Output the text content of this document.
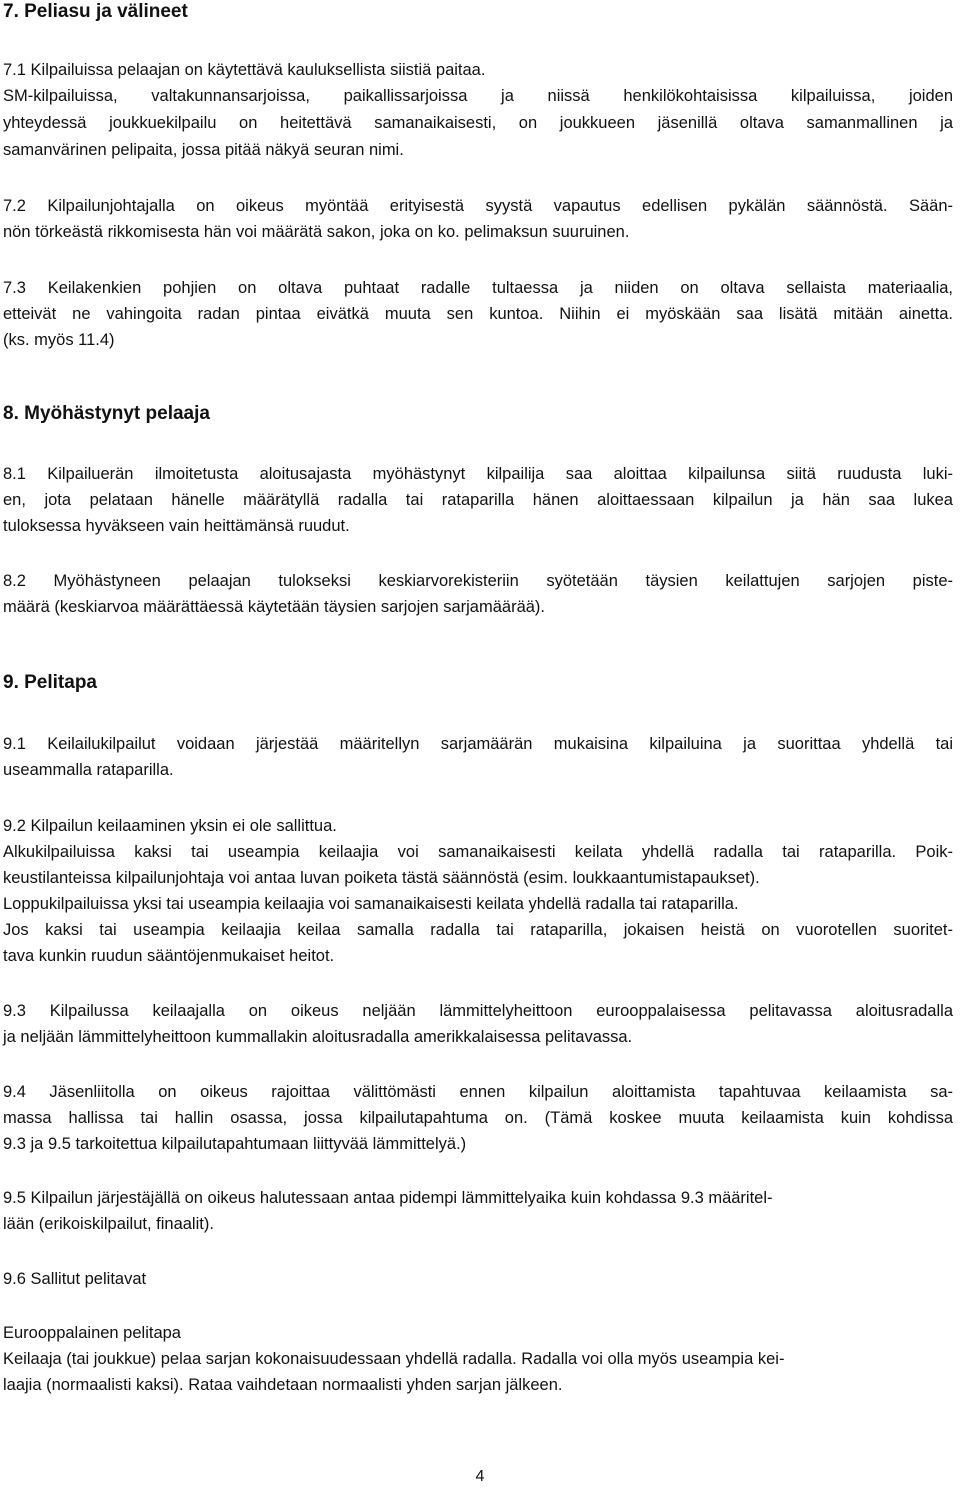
7. Peliasu ja välineet
7.1 Kilpailuissa pelaajan on käytettävä kauluksellista siistiä paitaa.
SM-kilpailuissa, valtakunnansarjoissa, paikallissarjoissa ja niissä henkilökohtaisissa kilpailuissa, joiden
yhteydessä joukkuekilpailu on heitettävä samanaikaisesti, on joukkueen jäsenillä oltava samanmallinen ja
samanvärinen pelipaita, jossa pitää näkyä seuran nimi.
7.2 Kilpailunjohtajalla on oikeus myöntää erityisestä syystä vapautus edellisen pykälän säännöstä. Sään-
nön törkeästä rikkomisesta hän voi määrätä sakon, joka on ko. pelimaksun suuruinen.
7.3 Keilakenkien pohjien on oltava puhtaat radalle tultaessa ja niiden on oltava sellaista materiaalia,
etteivät ne vahingoita radan pintaa eivätkä muuta sen kuntoa. Niihin ei myöskään saa lisätä mitään ainetta.
(ks. myös 11.4)
8. Myöhästynyt pelaaja
8.1 Kilpailuerän ilmoitetusta aloitusajasta myöhästynyt kilpailija saa aloittaa kilpailunsa siitä ruudusta luki-
en, jota pelataan hänelle määrätyllä radalla tai rataparilla hänen aloittaessaan kilpailun ja hän saa lukea
tuloksessa hyväkseen vain heittämänsä ruudut.
8.2 Myöhästyneen pelaajan tulokseksi keskiarvorekisteriin syötetään täysien keilattujen sarjojen piste-
määrä (keskiarvoa määrättäessä käytetään täysien sarjojen sarjamäärää).
9. Pelitapa
9.1 Keilailukilpailut voidaan järjestää määritellyn sarjamäärän mukaisina kilpailuina ja suorittaa yhdellä tai
useammalla rataparilla.
9.2 Kilpailun keilaaminen yksin ei ole sallittua.
Alkukilpailuissa kaksi tai useampia keilaajia voi samanaikaisesti keilata yhdellä radalla tai rataparilla. Poik-
keustilanteissa kilpailunjohtaja voi antaa luvan poiketa tästä säännöstä (esim. loukkaantumistapaukset).
Loppukilpailuissa yksi tai useampia keilaajia voi samanaikaisesti keilata yhdellä radalla tai rataparilla.
Jos kaksi tai useampia keilaajia keilaa samalla radalla tai rataparilla, jokaisen heistä on vuorotellen suoritet-
tava kunkin ruudun sääntöjenmukaiset heitot.
9.3 Kilpailussa keilaajalla on oikeus neljään lämmittelyheittoon eurooppalaisessa pelitavassa aloitusradalla
ja neljään lämmittelyheittoon kummallakin aloitusradalla amerikkalaisessa pelitavassa.
9.4 Jäsenliitolla on oikeus rajoittaa välittömästi ennen kilpailun aloittamista tapahtuvaa keilaamista sa-
massa hallissa tai hallin osassa, jossa kilpailutapahtuma on. (Tämä koskee muuta keilaamista kuin kohdissa
9.3 ja 9.5 tarkoitettua kilpailutapahtumaan liittyvää lämmittelyä.)
9.5 Kilpailun järjestäjällä on oikeus halutessaan antaa pidempi lämmittelyaika kuin kohdassa 9.3 määritel-
lään (erikoiskilpailut, finaalit).
9.6 Sallitut pelitavat
Eurooppalainen pelitapa
Keilaaja (tai joukkue) pelaa sarjan kokonaisuudessaan yhdellä radalla. Radalla voi olla myös useampia kei-
laajia (normaalisti kaksi). Rataa vaihdetaan normaalisti yhden sarjan jälkeen.
4
